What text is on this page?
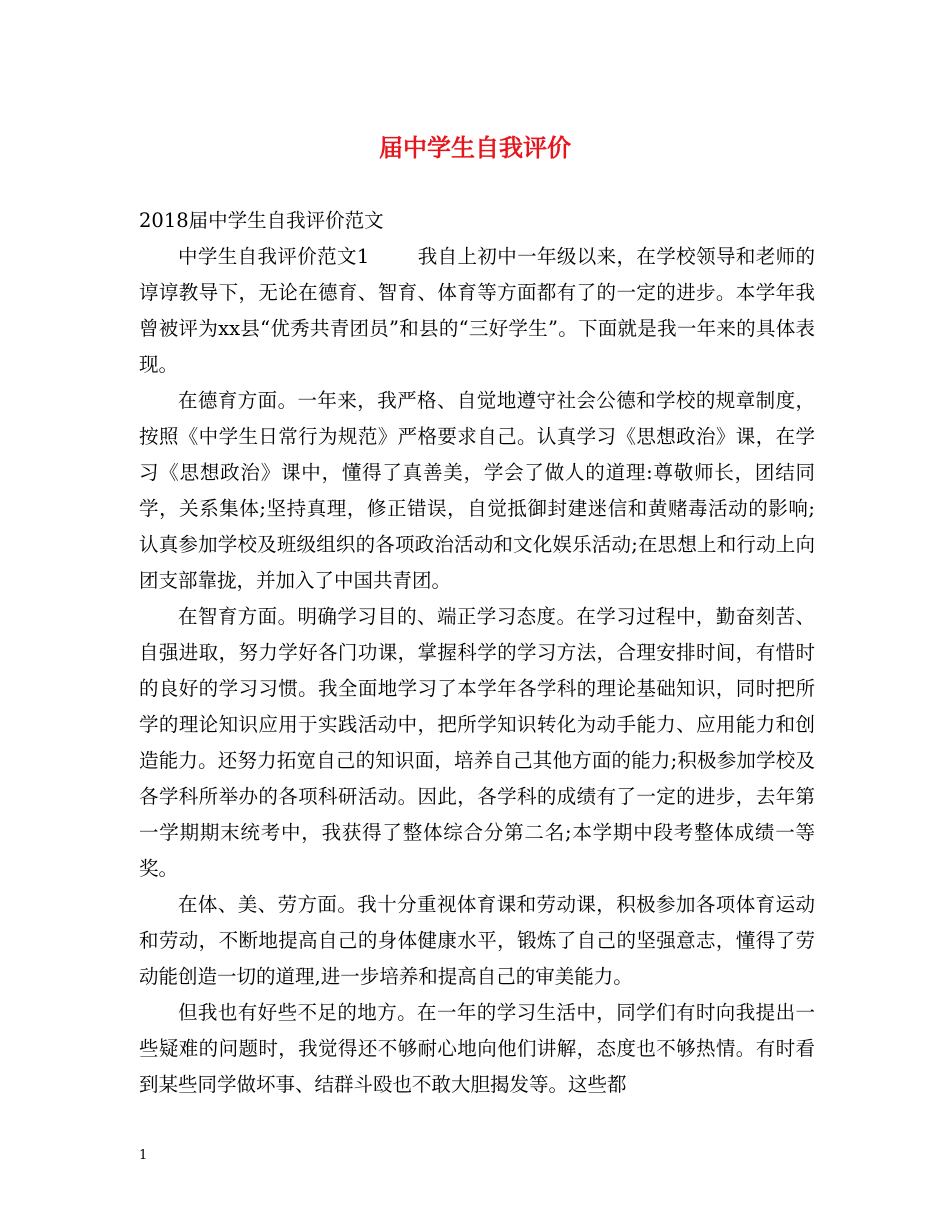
届中学生自我评价

2018届中学生自我评价范文

中学生自我评价范文1 我自上初中一年级以来，在学校领导和老师的谆谆教导下，无论在德育、智育、体育等方面都有了的一定的进步。本学年我曾被评为xx县“优秀共青团员”和县的“三好学生”。下面就是我一年来的具体表现。

在德育方面。一年来，我严格、自觉地遵守社会公德和学校的规章制度，按照《中学生日常行为规范》严格要求自己。认真学习《思想政治》课，在学习《思想政治》课中，懂得了真善美，学会了做人的道理:尊敬师长，团结同学，关系集体;坚持真理，修正错误，自觉抵御封建迷信和黄赌毒活动的影响;认真参加学校及班级组织的各项政治活动和文化娱乐活动;在思想上和行动上向团支部靠拢，并加入了中国共青团。

在智育方面。明确学习目的、端正学习态度。在学习过程中，勤奋刻苦、自强进取，努力学好各门功课，掌握科学的学习方法，合理安排时间，有惜时的良好的学习习惯。我全面地学习了本学年各学科的理论基础知识，同时把所学的理论知识应用于实践活动中，把所学知识转化为动手能力、应用能力和创造能力。还努力拓宽自己的知识面，培养自己其他方面的能力;积极参加学校及各学科所举办的各项科研活动。因此，各学科的成绩有了一定的进步，去年第一学期期末统考中，我获得了整体综合分第二名;本学期中段考整体成绩一等奖。

在体、美、劳方面。我十分重视体育课和劳动课，积极参加各项体育运动和劳动，不断地提高自己的身体健康水平，锻炼了自己的坚强意志，懂得了劳动能创造一切的道理,进一步培养和提高自己的审美能力。

但我也有好些不足的地方。在一年的学习生活中，同学们有时向我提出一些疑难的问题时，我觉得还不够耐心地向他们讲解，态度也不够热情。有时看到某些同学做坏事、结群斗殴也不敢大胆揭发等。这些都

1
